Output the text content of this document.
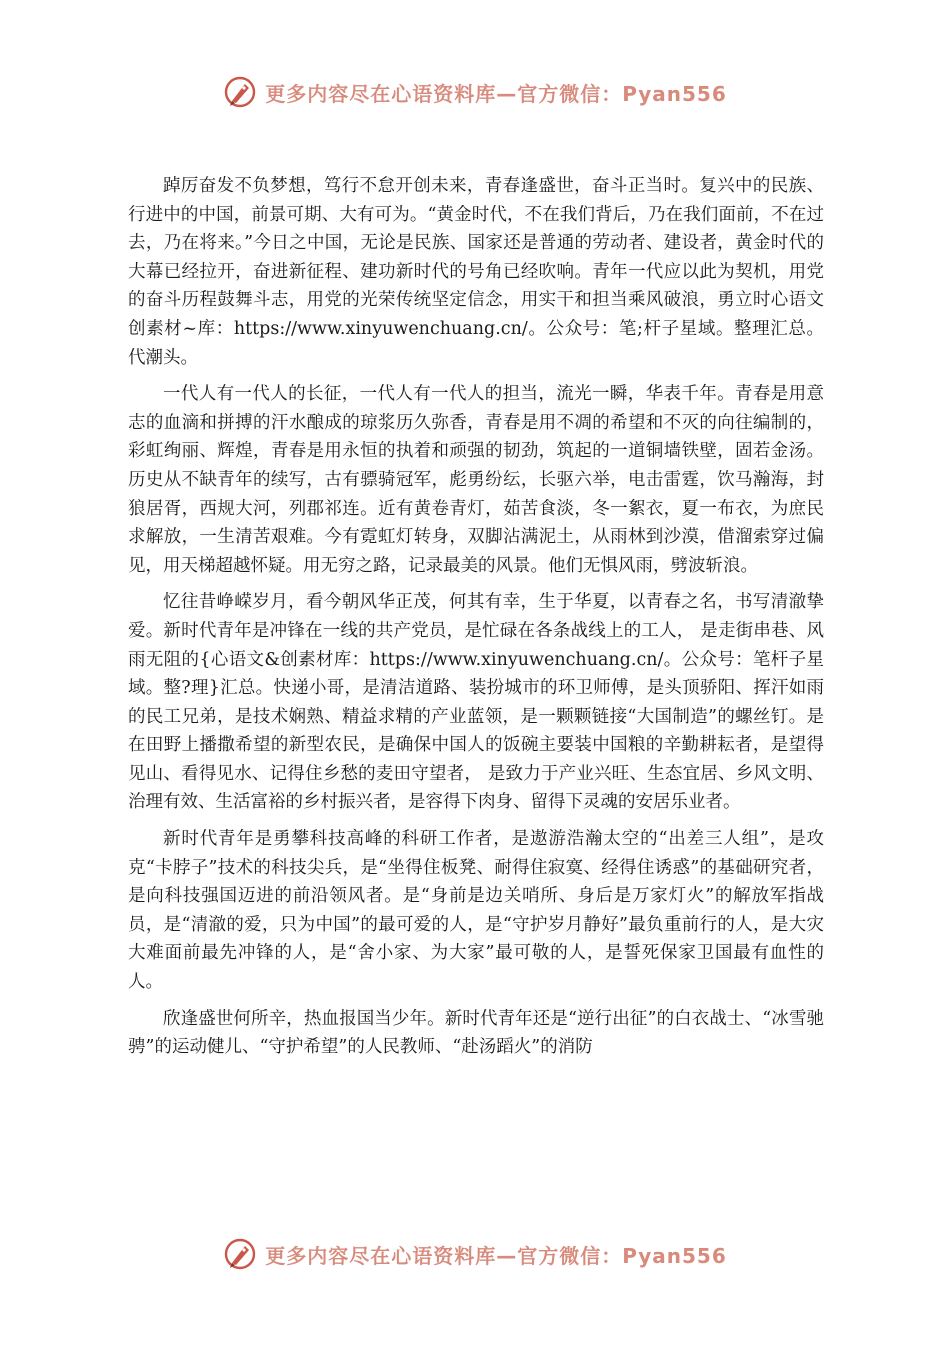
更多内容尽在心语资料库—官方微信：Pyan556

踔厉奋发不负梦想，笃行不怠开创未来，青春逢盛世，奋斗正当时。复兴中的民族、行进中的中国，前景可期、大有可为。“黄金时代，不在我们背后，乃在我们面前，不在过去，乃在将来。”今日之中国，无论是民族、国家还是普通的劳动者、建设者，黄金时代的大幕已经拉开，奋进新征程、建功新时代的号角已经吹响。青年一代应以此为契机，用党的奋斗历程鼓舞斗志，用党的光荣传统坚定信念，用实干和担当乘风破浪，勇立时心语文创素材~库：https://www.xinyuwenchuang.cn/。公众号：笔;杆子星域。整理汇总。代潮头。

一代人有一代人的长征，一代人有一代人的担当，流光一瞬，华表千年。青春是用意志的血滴和拼搏的汗水酿成的琼浆历久弥香，青春是用不凋的希望和不灭的向往编制的，彩虹绚丽、辉煌，青春是用永恒的执着和顽强的韧劲，筑起的一道铜墙铁壁，固若金汤。历史从不缺青年的续写，古有骠骑冠军，彪勇纷纭，长驱六举，电击雷霆，饮马瀚海，封狼居胥，西规大河，列郡祁连。近有黄卷青灯，茹苦食淡，冬一絮衣，夏一布衣，为庶民求解放，一生清苦艰难。今有霓虹灯转身，双脚沾满泥土，从雨林到沙漠，借溜索穿过偏见，用天梯超越怀疑。用无穷之路，记录最美的风景。他们无惧风雨，劈波斩浪。

忆往昔峥嵘岁月，看今朝风华正茂，何其有幸，生于华夏，以青春之名，书写清澈挚爱。新时代青年是冲锋在一线的共产党员，是忙碌在各条战线上的工人， 是走街串巷、风雨无阻的{心语文&创素材库：https://www.xinyuwenchuang.cn/。公众号：笔杆子星域。整?理}汇总。快递小哥，是清洁道路、装扮城市的环卫师傅，是头顶骄阳、挥汗如雨的民工兄弟，是技术娴熟、精益求精的产业蓝领，是一颗颗链接“大国制造”的螺丝钉。是在田野上播撒希望的新型农民，是确保中国人的饭碗主要装中国粮的辛勤耕耘者，是望得见山、看得见水、记得住乡愁的麦田守望者， 是致力于产业兴旺、生态宜居、乡风文明、治理有效、生活富裕的乡村振兴者，是容得下肉身、留得下灵魂的安居乐业者。

新时代青年是勇攀科技高峰的科研工作者，是遨游浩瀚太空的“出差三人组”，是攻克“卡脖子”技术的科技尖兵，是“坐得住板凳、耐得住寂寞、经得住诱惑”的基础研究者，是向科技强国迈进的前沿领风者。是“身前是边关哨所、身后是万家灯火”的解放军指战员，是“清澈的爱，只为中国”的最可爱的人，是“守护岁月静好”最负重前行的人，是大灾大难面前最先冲锋的人，是“舍小家、为大家”最可敬的人，是誓死保家卫国最有血性的人。

欣逢盛世何所辛，热血报国当少年。新时代青年还是“逆行出征”的白衣战士、“冰雪驰骋”的运动健儿、“守护希望”的人民教师、“赴汤蹈火”的消防

更多内容尽在心语资料库—官方微信：Pyan556
